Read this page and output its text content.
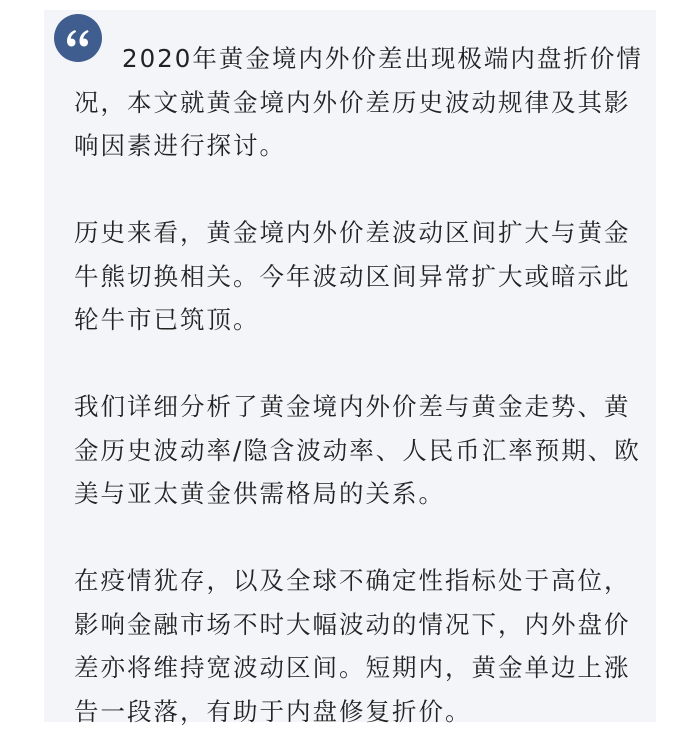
2020年黄金境内外价差出现极端内盘折价情况，本文就黄金境内外价差历史波动规律及其影响因素进行探讨。

历史来看，黄金境内外价差波动区间扩大与黄金牛熊切换相关。今年波动区间异常扩大或暗示此轮牛市已筑顶。

我们详细分析了黄金境内外价差与黄金走势、黄金历史波动率/隐含波动率、人民币汇率预期、欧美与亚太黄金供需格局的关系。

在疫情犹存，以及全球不确定性指标处于高位，影响金融市场不时大幅波动的情况下，内外盘价差亦将维持宽波动区间。短期内，黄金单边上涨告一段落，有助于内盘修复折价。
